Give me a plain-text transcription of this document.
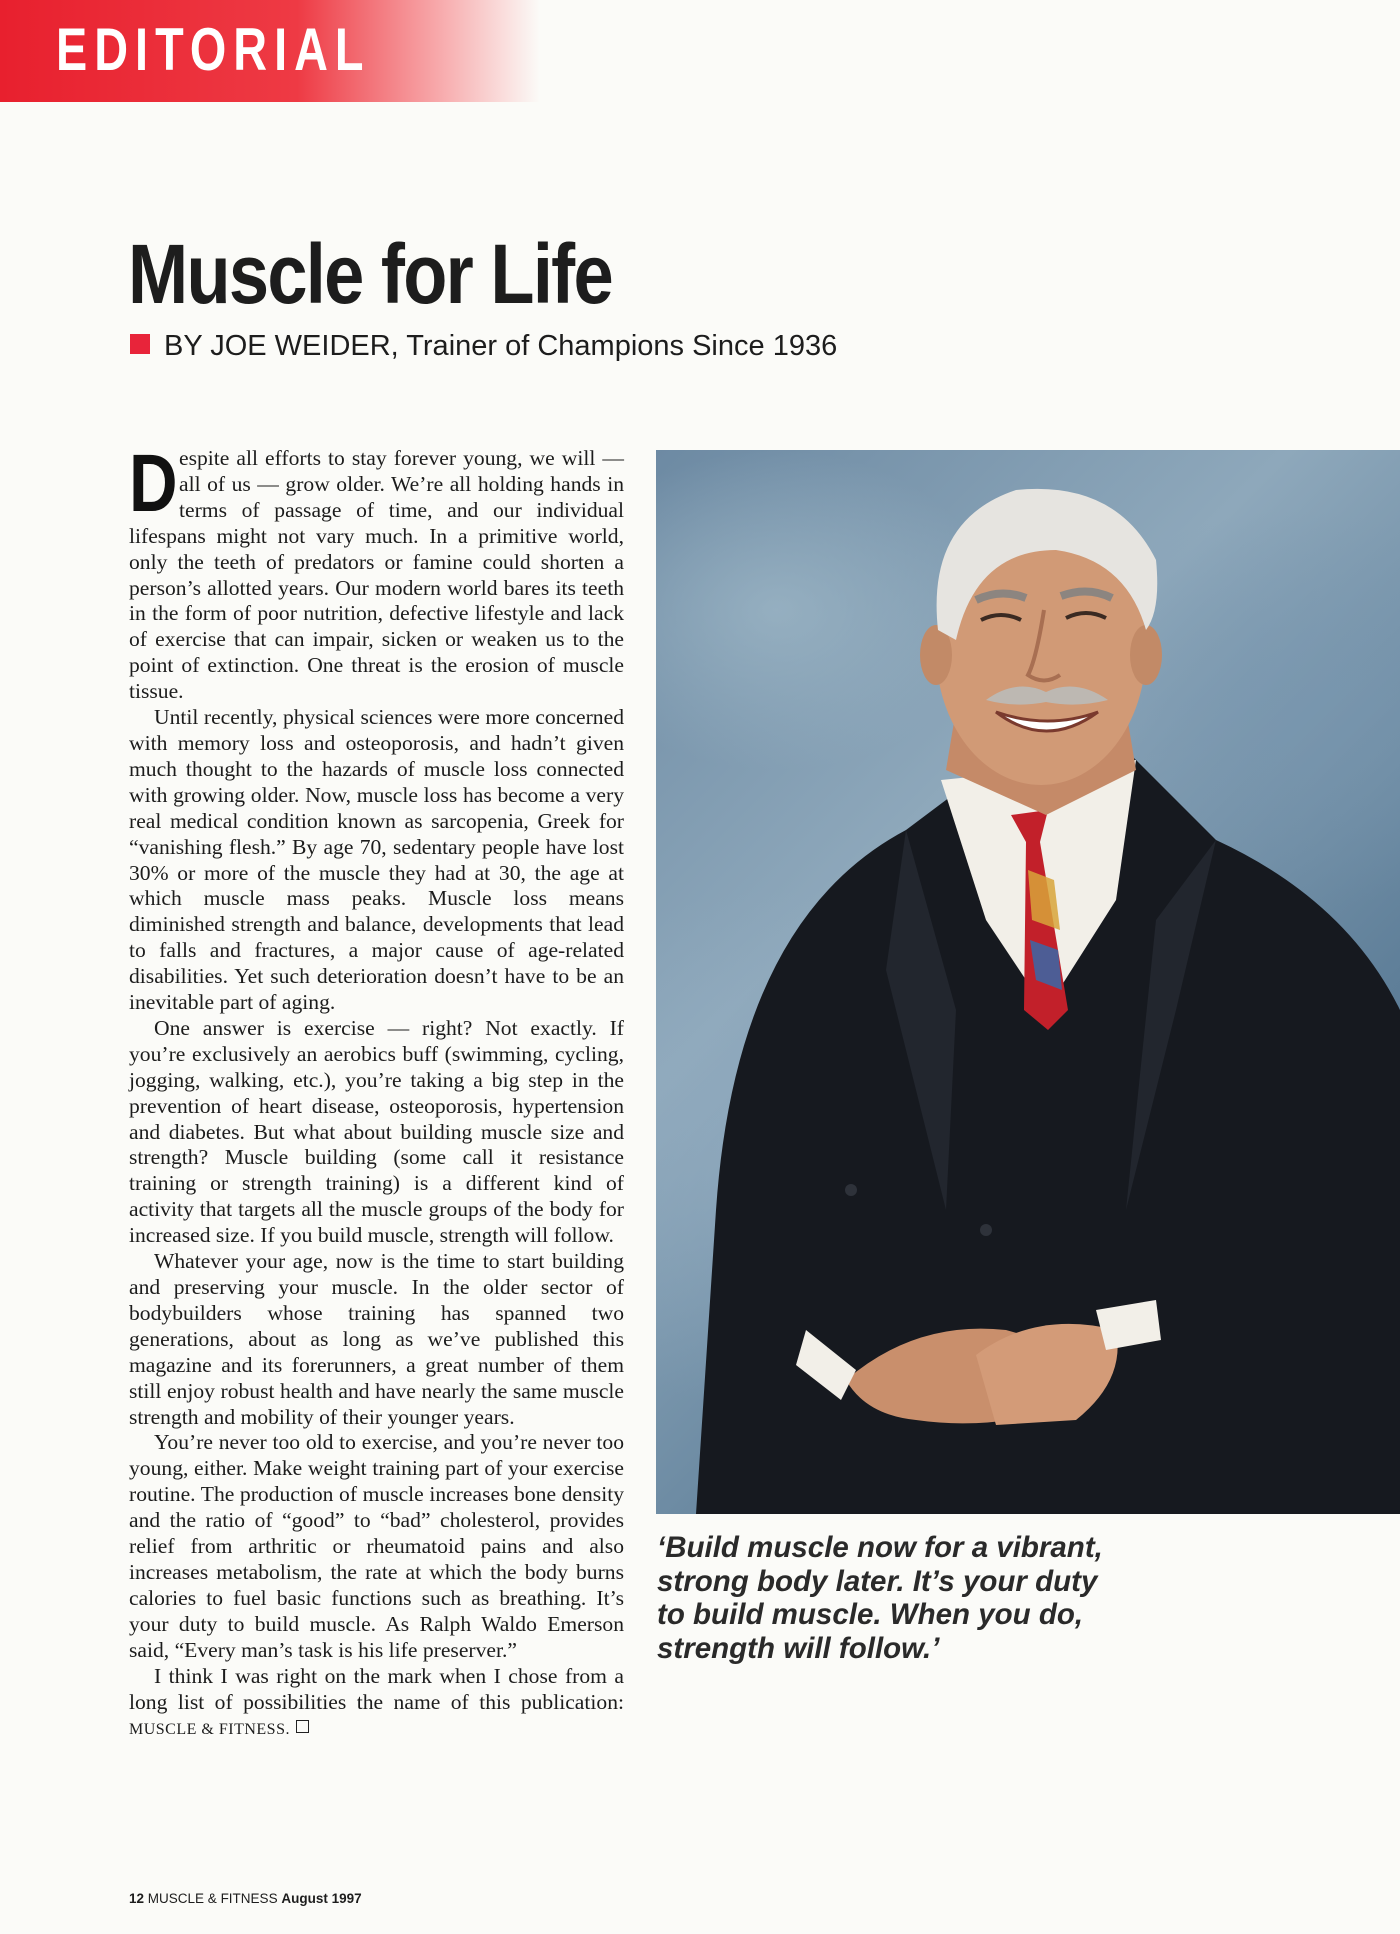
EDITORIAL
Muscle for Life
BY JOE WEIDER, Trainer of Champions Since 1936

Despite all efforts to stay forever young, we will — all of us — grow older. We’re all holding hands in terms of passage of time, and our individual lifespans might not vary much. In a primitive world, only the teeth of predators or famine could shorten a person’s allotted years. Our modern world bares its teeth in the form of poor nutrition, defective lifestyle and lack of exercise that can impair, sicken or weaken us to the point of extinction. One threat is the erosion of muscle tissue.

Until recently, physical sciences were more concerned with memory loss and osteoporosis, and hadn’t given much thought to the hazards of muscle loss connected with growing older. Now, muscle loss has become a very real medical condition known as sarcopenia, Greek for “vanishing flesh.” By age 70, sedentary people have lost 30% or more of the muscle they had at 30, the age at which muscle mass peaks. Muscle loss means diminished strength and balance, developments that lead to falls and fractures, a major cause of age-related disabilities. Yet such deterioration doesn’t have to be an inevitable part of aging.

One answer is exercise — right? Not exactly. If you’re exclusively an aerobics buff (swimming, cycling, jogging, walking, etc.), you’re taking a big step in the prevention of heart disease, osteoporosis, hypertension and diabetes. But what about building muscle size and strength? Muscle building (some call it resistance training or strength training) is a different kind of activity that targets all the muscle groups of the body for increased size. If you build muscle, strength will follow.

Whatever your age, now is the time to start building and preserving your muscle. In the older sector of bodybuilders whose training has spanned two generations, about as long as we’ve published this magazine and its forerunners, a great number of them still enjoy robust health and have nearly the same muscle strength and mobility of their younger years.

You’re never too old to exercise, and you’re never too young, either. Make weight training part of your exercise routine. The production of muscle increases bone density and the ratio of “good” to “bad” cholesterol, provides relief from arthritic or rheumatoid pains and also increases metabolism, the rate at which the body burns calories to fuel basic functions such as breathing. It’s your duty to build muscle. As Ralph Waldo Emerson said, “Every man’s task is his life preserver.”

I think I was right on the mark when I chose from a long list of possibilities the name of this publication: MUSCLE & FITNESS.

‘Build muscle now for a vibrant, strong body later. It’s your duty to build muscle. When you do, strength will follow.’
12 MUSCLE & FITNESS August 1997
